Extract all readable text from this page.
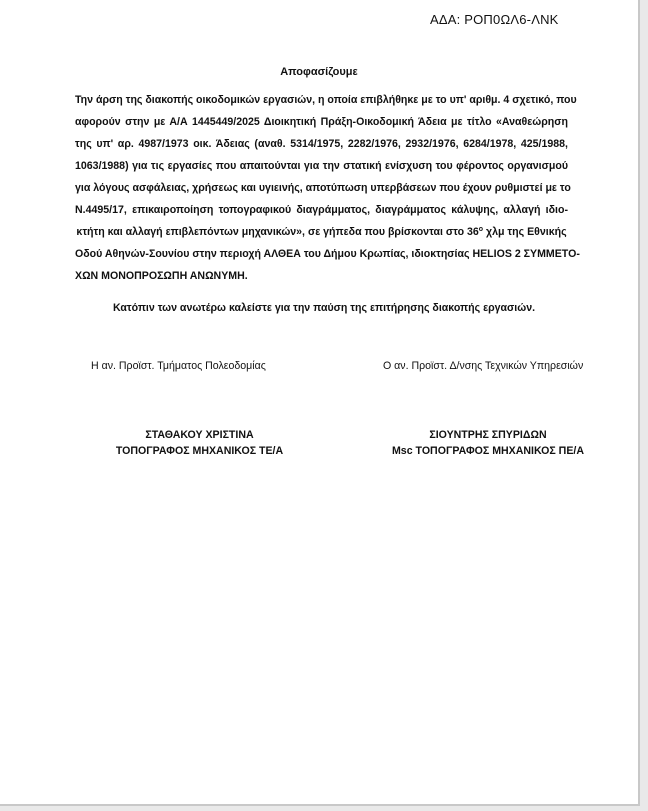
ΑΔΑ: ΡΟΠ0ΩΛ6-ΛΝΚ
Αποφασίζουμε
Την άρση της διακοπής οικοδομικών εργασιών, η οποία επιβλήθηκε με το υπ' αριθμ. 4 σχετικό, που
αφορούν στην με Α/Α 1445449/2025 Διοικητική Πράξη-Οικοδομική Άδεια με τίτλο «Αναθεώρηση
της υπ' αρ. 4987/1973 οικ. Άδειας (αναθ. 5314/1975, 2282/1976, 2932/1976, 6284/1978, 425/1988,
1063/1988) για τις εργασίες που απαιτούνται για την στατική ενίσχυση του φέροντος οργανισμού
για λόγους ασφάλειας, χρήσεως και υγιεινής, αποτύπωση υπερβάσεων που έχουν ρυθμιστεί με το
Ν.4495/17, επικαιροποίηση τοπογραφικού διαγράμματος, διαγράμματος κάλυψης, αλλαγή ιδιο-
κτήτη και αλλαγή επιβλεπόντων μηχανικών», σε γήπεδα που βρίσκονται στο $36^o$ χλμ της Εθνικής
Οδού Αθηνών-Σουνίου στην περιοχή ΑΛΘΕΑ του Δήμου Κρωπίας, ιδιοκτησίας HELIOS 2 ΣΥΜΜΕΤΟ-
ΧΩΝ ΜΟΝΟΠΡΟΣΩΠΗ ΑΝΩΝΥΜΗ.
Κατόπιν των ανωτέρω καλείστε για την παύση της επιτήρησης διακοπής εργασιών.
Η αν. Προϊστ. Τμήματος Πολεοδομίας	Ο αν. Προϊστ. Δ/νσης Τεχνικών Υπηρεσιών
ΣΤΑΘΑΚΟΥ ΧΡΙΣΤΙΝΑ
ΤΟΠΟΓΡΑΦΟΣ ΜΗΧΑΝΙΚΟΣ ΤΕ/Α
ΣΙΟΥΝΤΡΗΣ ΣΠΥΡΙΔΩΝ
Msc ΤΟΠΟΓΡΑΦΟΣ ΜΗΧΑΝΙΚΟΣ ΠΕ/Α
